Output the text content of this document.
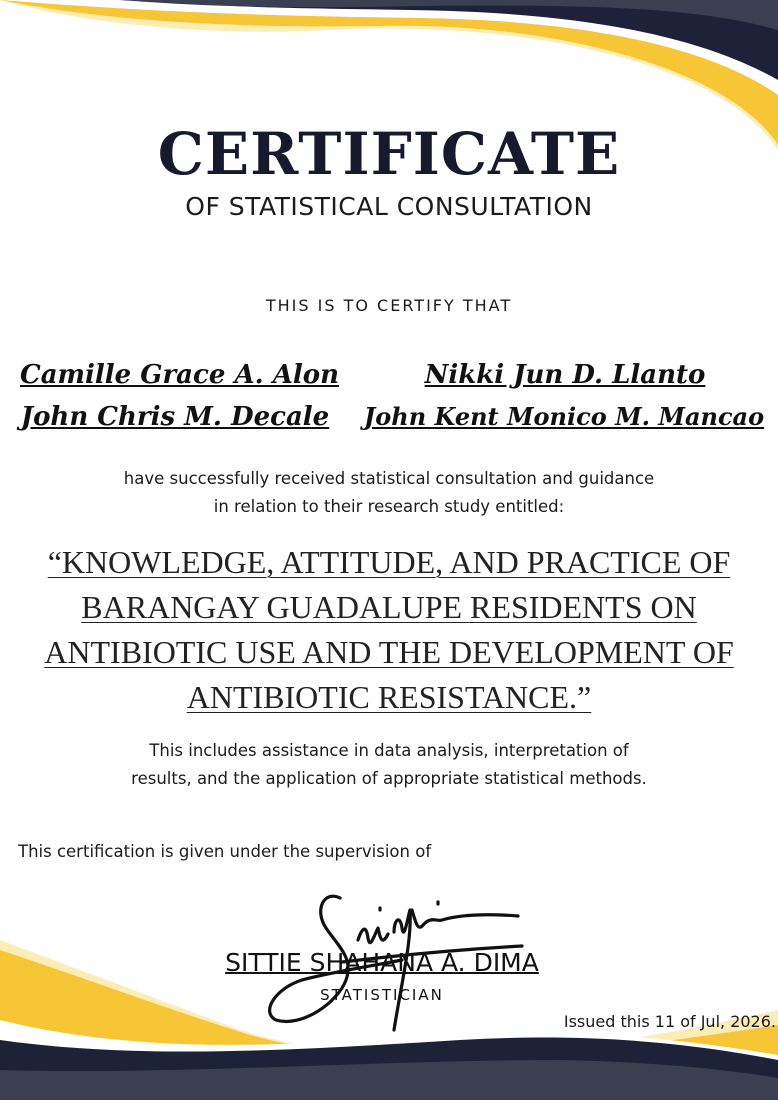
CERTIFICATE
OF STATISTICAL CONSULTATION
THIS IS TO CERTIFY THAT
Camille Grace A. Alon
John Chris M. Decale
Nikki Jun D. Llanto
John Kent Monico M. Mancao
have successfully received statistical consultation and guidance
in relation to their research study entitled:
“KNOWLEDGE, ATTITUDE, AND PRACTICE OF
BARANGAY GUADALUPE RESIDENTS ON
ANTIBIOTIC USE AND THE DEVELOPMENT OF
ANTIBIOTIC RESISTANCE.”
This includes assistance in data analysis, interpretation of
results, and the application of appropriate statistical methods.
This certification is given under the supervision of
SITTIE SHAHANA A. DIMA
STATISTICIAN
Issued this 11 of Jul, 2026.
